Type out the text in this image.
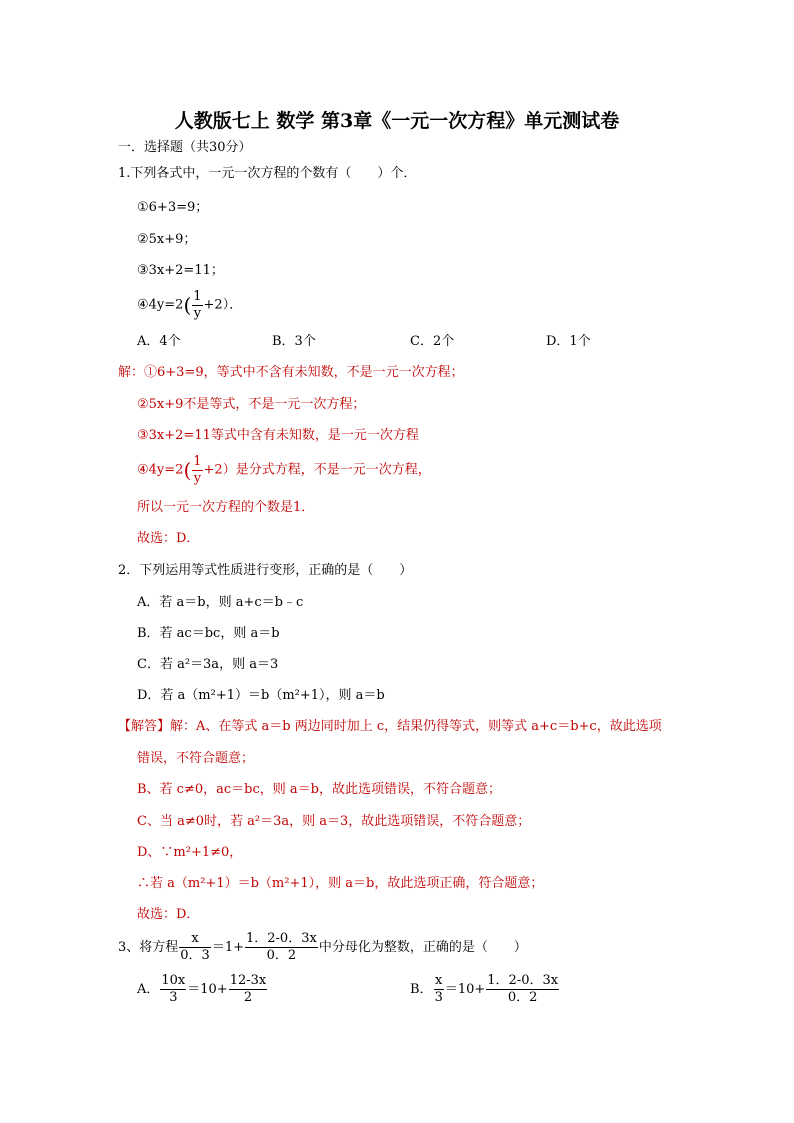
人教版七上 数学 第3章《一元一次方程》单元测试卷
一．选择题（共30分）
1.下列各式中，一元一次方程的个数有（　　）个．
①6+3=9；
②5x+9；
③3x+2=11；
④4y=2( $\frac{1}{y} +2$）．
A．4个	B．3个	C．2个	D．1个
解：①6+3=9，等式中不含有未知数，不是一元一次方程；
②5x+9不是等式，不是一元一次方程；
③3x+2=11等式中含有未知数，是一元一次方程
④4y=2( $\frac{1}{y} +2$）是分式方程，不是一元一次方程，
所以一元一次方程的个数是1．
故选：D．
2．下列运用等式性质进行变形，正确的是（　　）
A．若 a＝b，则 a+c＝b﹣c
B．若 ac＝bc，则 a＝b
C．若 a²＝3a，则 a＝3
D．若 a（m²+1）＝b（m²+1），则 a＝b
【解答】解：A、在等式 a＝b 两边同时加上 c，结果仍得等式，则等式 a+c＝b+c，故此选项
错误，不符合题意；
B、若 c≠0，ac＝bc，则 a＝b，故此选项错误，不符合题意；
C、当 a≠0时，若 a²＝3a，则 a＝3，故此选项错误，不符合题意；
D、∵m²+1≠0，
∴若 a（m²+1）＝b（m²+1），则 a＝b，故此选项正确，符合题意；
故选：D．
3、将方程 $\frac{x}{0.3} =1+ \frac{1.2-0.3x}{0.2}$ 中分母化为整数，正确的是（　　）
A． $\frac{10x}{3} =10+ \frac{12-3x}{2}$	B． $\frac{x}{3} =10+ \frac{1.2-0.3x}{0.2}$
